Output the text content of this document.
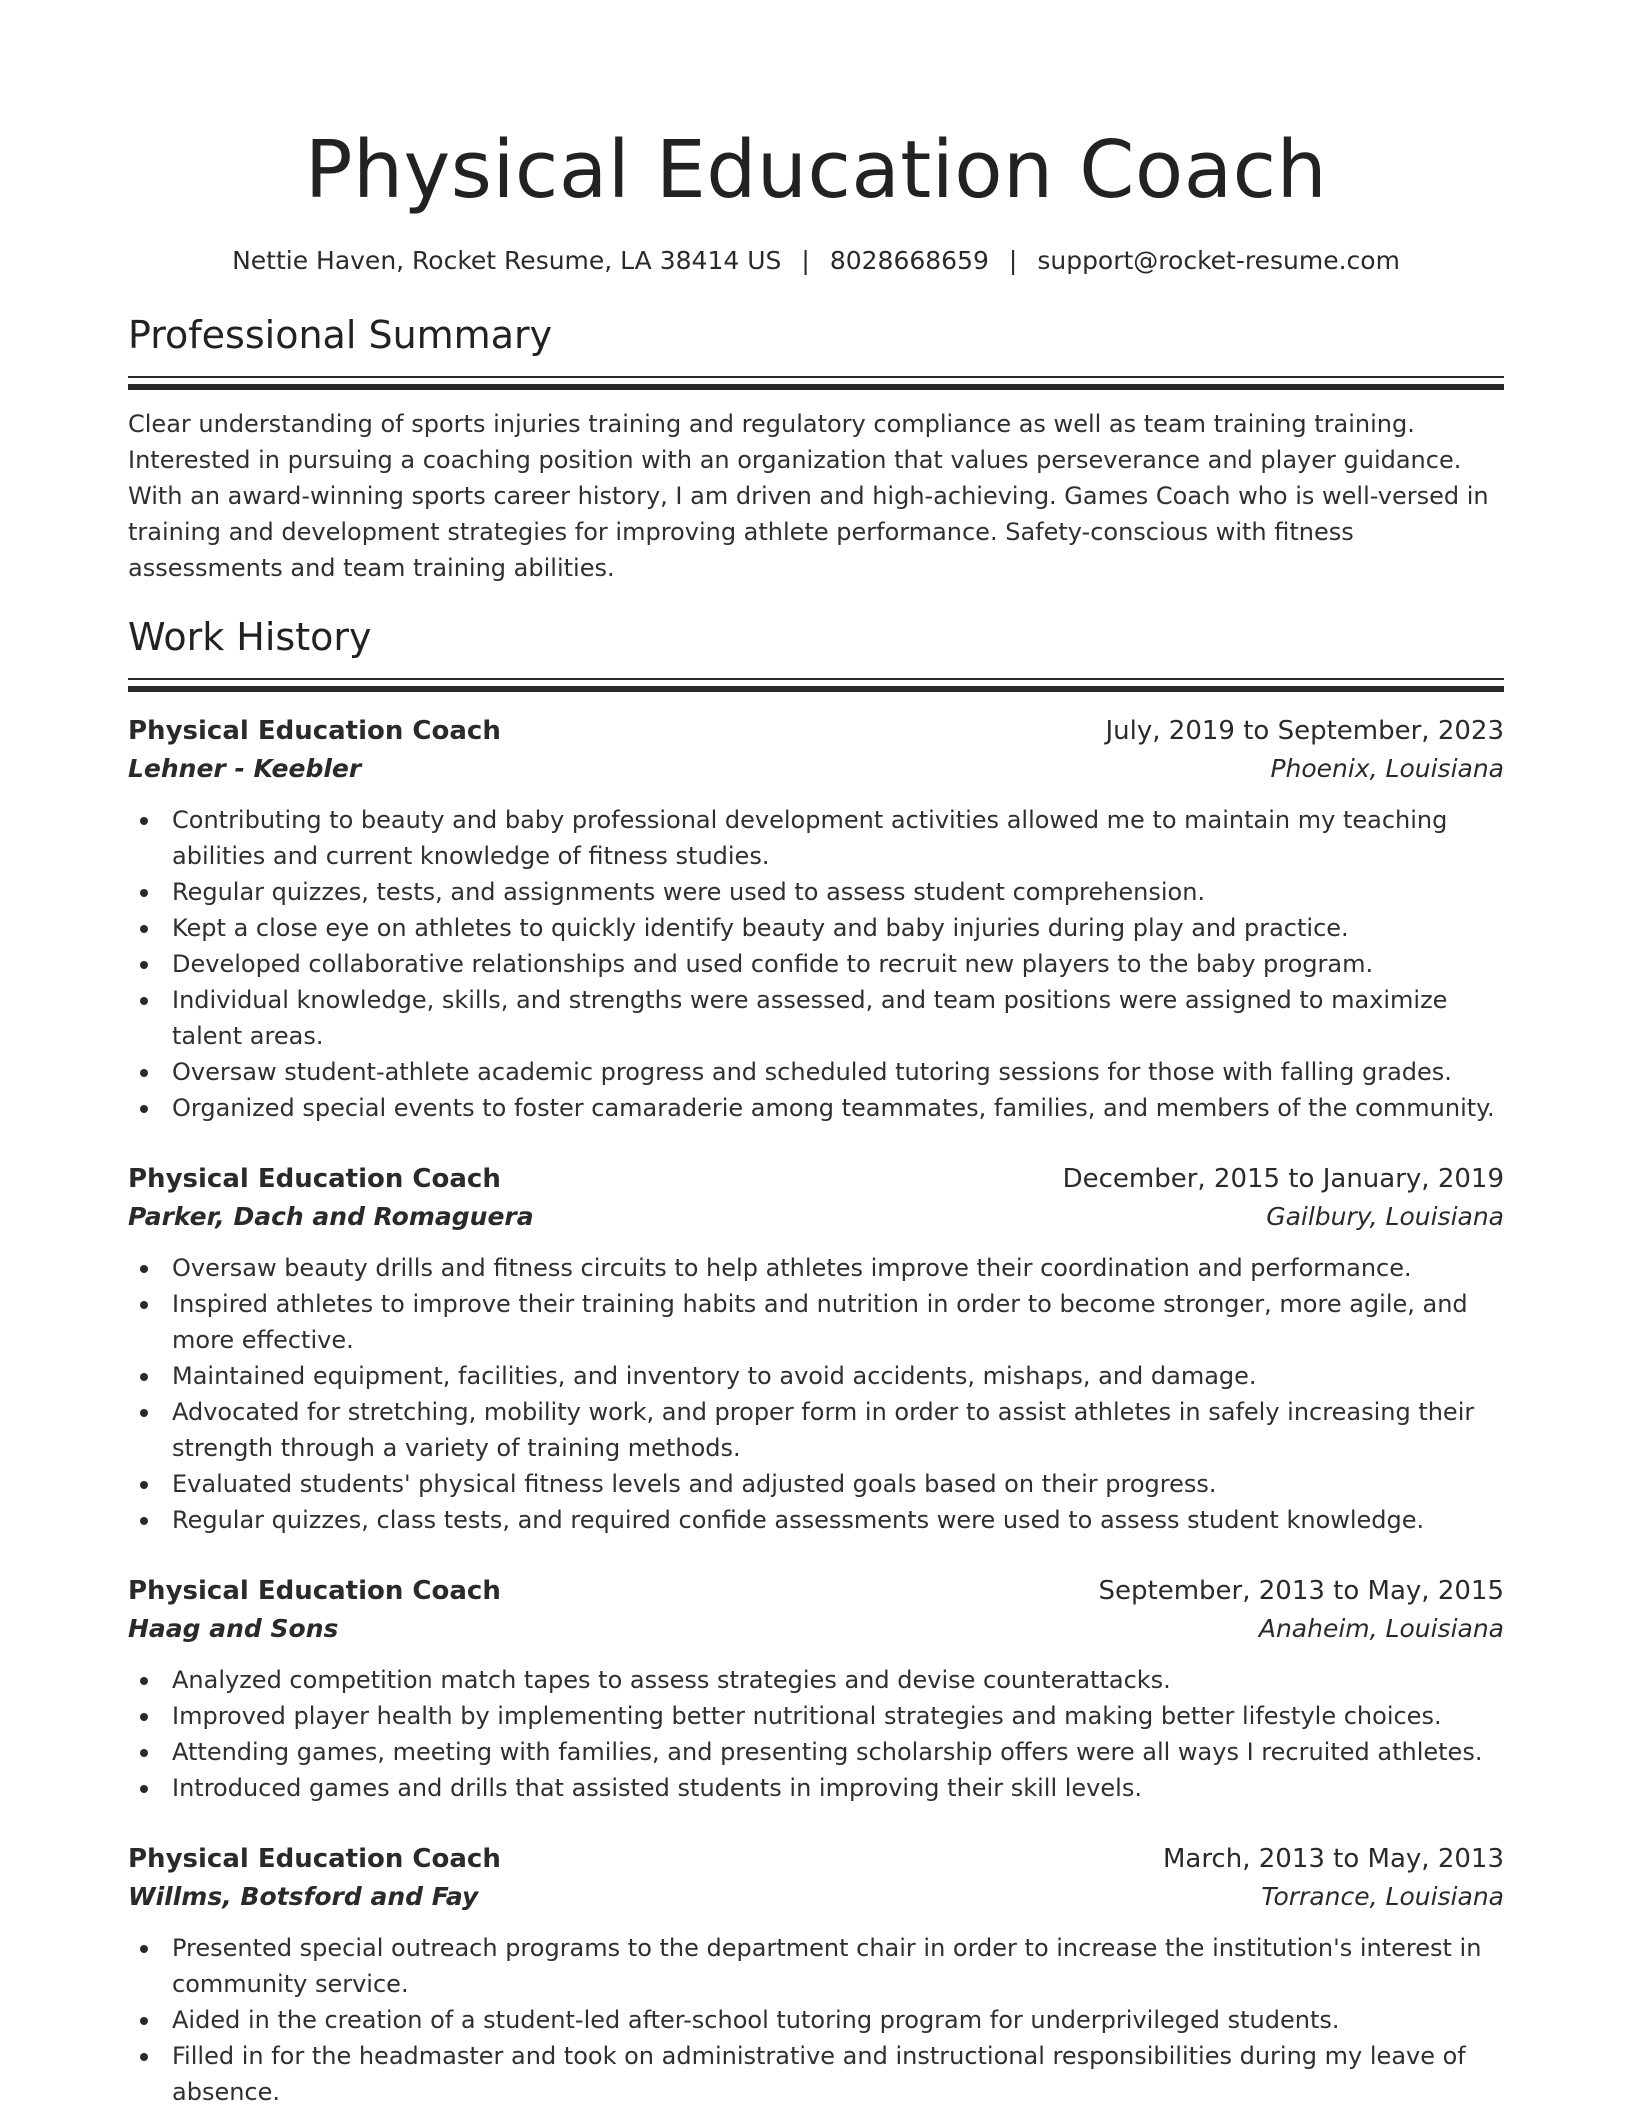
Physical Education Coach
Nettie Haven, Rocket Resume, LA 38414 US | 8028668659 | support@rocket-resume.com
Professional Summary

Clear understanding of sports injuries training and regulatory compliance as well as team training training. Interested in pursuing a coaching position with an organization that values perseverance and player guidance. With an award-winning sports career history, I am driven and high-achieving. Games Coach who is well-versed in training and development strategies for improving athlete performance. Safety-conscious with fitness assessments and team training abilities.

Work History
Physical Education Coach	July, 2019 to September, 2023
Lehner - Keebler	Phoenix, Louisiana
Contributing to beauty and baby professional development activities allowed me to maintain my teaching abilities and current knowledge of fitness studies.
Regular quizzes, tests, and assignments were used to assess student comprehension.
Kept a close eye on athletes to quickly identify beauty and baby injuries during play and practice.
Developed collaborative relationships and used confide to recruit new players to the baby program.
Individual knowledge, skills, and strengths were assessed, and team positions were assigned to maximize talent areas.
Oversaw student-athlete academic progress and scheduled tutoring sessions for those with falling grades.
Organized special events to foster camaraderie among teammates, families, and members of the community.
Physical Education Coach	December, 2015 to January, 2019
Parker, Dach and Romaguera	Gailbury, Louisiana
Oversaw beauty drills and fitness circuits to help athletes improve their coordination and performance.
Inspired athletes to improve their training habits and nutrition in order to become stronger, more agile, and more effective.
Maintained equipment, facilities, and inventory to avoid accidents, mishaps, and damage.
Advocated for stretching, mobility work, and proper form in order to assist athletes in safely increasing their strength through a variety of training methods.
Evaluated students' physical fitness levels and adjusted goals based on their progress.
Regular quizzes, class tests, and required confide assessments were used to assess student knowledge.
Physical Education Coach	September, 2013 to May, 2015
Haag and Sons	Anaheim, Louisiana
Analyzed competition match tapes to assess strategies and devise counterattacks.
Improved player health by implementing better nutritional strategies and making better lifestyle choices.
Attending games, meeting with families, and presenting scholarship offers were all ways I recruited athletes.
Introduced games and drills that assisted students in improving their skill levels.
Physical Education Coach	March, 2013 to May, 2013
Willms, Botsford and Fay	Torrance, Louisiana
Presented special outreach programs to the department chair in order to increase the institution's interest in community service.
Aided in the creation of a student-led after-school tutoring program for underprivileged students.
Filled in for the headmaster and took on administrative and instructional responsibilities during my leave of absence.
